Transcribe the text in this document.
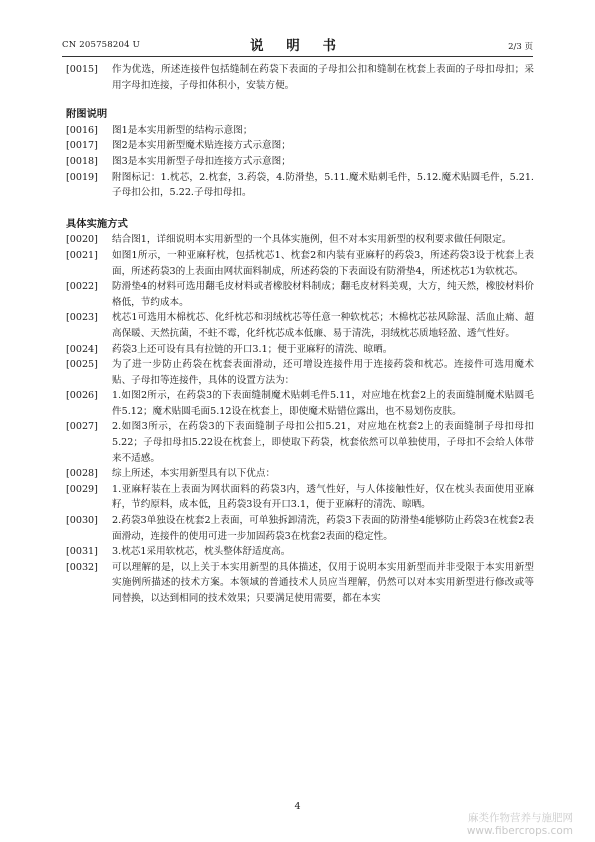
CN 205758204 U	说 明 书	2/3 页
[0015] 作为优选，所述连接件包括缝制在药袋下表面的子母扣公扣和缝制在枕套上表面的子母扣母扣；采用字母扣连接，子母扣体积小，安装方便。

附图说明

[0016] 图1是本实用新型的结构示意图；
[0017] 图2是本实用新型魔术贴连接方式示意图；
[0018] 图3是本实用新型子母扣连接方式示意图；
[0019] 附图标记：1.枕芯，2.枕套，3.药袋，4.防滑垫，5.11.魔术贴刺毛件，5.12.魔术贴圆毛件，5.21.子母扣公扣，5.22.子母扣母扣。

具体实施方式

[0020] 结合图1，详细说明本实用新型的一个具体实施例，但不对本实用新型的权利要求做任何限定。
[0021] 如图1所示，一种亚麻籽枕，包括枕芯1、枕套2和内装有亚麻籽的药袋3，所述药袋3设于枕套上表面，所述药袋3的上表面由网状面料制成，所述药袋的下表面设有防滑垫4，所述枕芯1为软枕芯。
[0022] 防滑垫4的材料可选用翻毛皮材料或者橡胶材料制成；翻毛皮材料美观，大方，纯天然，橡胶材料价格低，节约成本。
[0023] 枕芯1可选用木棉枕芯、化纤枕芯和羽绒枕芯等任意一种软枕芯；木棉枕芯祛风除湿、活血止痛、超高保暖、天然抗菌，不蛀不霉，化纤枕芯成本低廉、易于清洗，羽绒枕芯质地轻盈、透气性好。
[0024] 药袋3上还可设有具有拉链的开口3.1；便于亚麻籽的清洗、晾晒。
[0025] 为了进一步防止药袋在枕套表面滑动，还可增设连接件用于连接药袋和枕芯。连接件可选用魔术贴、子母扣等连接件，具体的设置方法为：
[0026] 1.如图2所示，在药袋3的下表面缝制魔术贴刺毛件5.11，对应地在枕套2上的表面缝制魔术贴圆毛件5.12；魔术贴圆毛面5.12设在枕套上，即使魔术贴错位露出，也不易划伤皮肤。
[0027] 2.如图3所示，在药袋3的下表面缝制子母扣公扣5.21，对应地在枕套2上的表面缝制子母扣母扣5.22；子母扣母扣5.22设在枕套上，即使取下药袋，枕套依然可以单独使用，子母扣不会给人体带来不适感。
[0028] 综上所述，本实用新型具有以下优点：
[0029] 1.亚麻籽装在上表面为网状面料的药袋3内，透气性好，与人体接触性好，仅在枕头表面使用亚麻籽，节约原料，成本低，且药袋3设有开口3.1，便于亚麻籽的清洗、晾晒。
[0030] 2.药袋3单独设在枕套2上表面，可单独拆卸清洗，药袋3下表面的防滑垫4能够防止药袋3在枕套2表面滑动，连接件的使用可进一步加固药袋3在枕套2表面的稳定性。
[0031] 3.枕芯1采用软枕芯，枕头整体舒适度高。
[0032] 可以理解的是，以上关于本实用新型的具体描述，仅用于说明本实用新型而并非受限于本实用新型实施例所描述的技术方案。本领域的普通技术人员应当理解，仍然可以对本实用新型进行修改或等同替换，以达到相同的技术效果；只要满足使用需要，都在本实
4
麻类作物营养与施肥网
www.fibercrops.com
